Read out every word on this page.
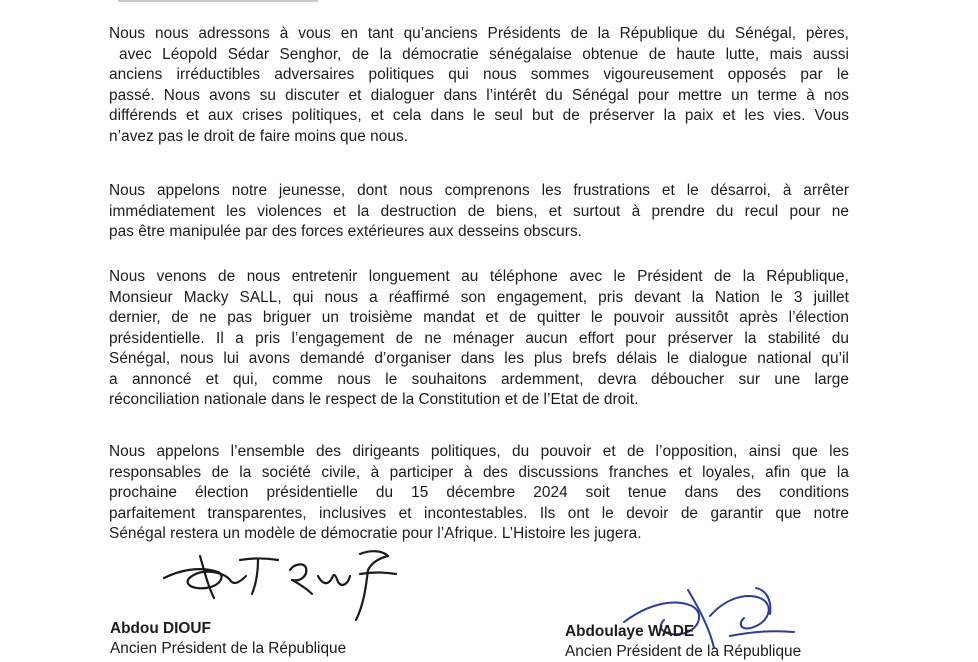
Nous nous adressons à vous en tant qu’anciens Présidents de la République du Sénégal, pères,
avec Léopold Sédar Senghor, de la démocratie sénégalaise obtenue de haute lutte, mais aussi
anciens irréductibles adversaires politiques qui nous sommes vigoureusement opposés par le
passé. Nous avons su discuter et dialoguer dans l’intérêt du Sénégal pour mettre un terme à nos
différends et aux crises politiques, et cela dans le seul but de préserver la paix et les vies. Vous
n’avez pas le droit de faire moins que nous.
Nous appelons notre jeunesse, dont nous comprenons les frustrations et le désarroi, à arrêter
immédiatement les violences et la destruction de biens, et surtout à prendre du recul pour ne
pas être manipulée par des forces extérieures aux desseins obscurs.
Nous venons de nous entretenir longuement au téléphone avec le Président de la République,
Monsieur Macky SALL, qui nous a réaffirmé son engagement, pris devant la Nation le 3 juillet
dernier, de ne pas briguer un troisième mandat et de quitter le pouvoir aussitôt après l’élection
présidentielle. Il a pris l’engagement de ne ménager aucun effort pour préserver la stabilité du
Sénégal, nous lui avons demandé d’organiser dans les plus brefs délais le dialogue national qu’il
a annoncé et qui, comme nous le souhaitons ardemment, devra déboucher sur une large
réconciliation nationale dans le respect de la Constitution et de l’Etat de droit.
Nous appelons l’ensemble des dirigeants politiques, du pouvoir et de l’opposition, ainsi que les
responsables de la société civile, à participer à des discussions franches et loyales, afin que la
prochaine élection présidentielle du 15 décembre 2024 soit tenue dans des conditions
parfaitement transparentes, inclusives et incontestables. Ils ont le devoir de garantir que notre
Sénégal restera un modèle de démocratie pour l’Afrique. L’Histoire les jugera.
Abdou DIOUF
Ancien Président de la République
Abdoulaye WADE
Ancien Président de la République
